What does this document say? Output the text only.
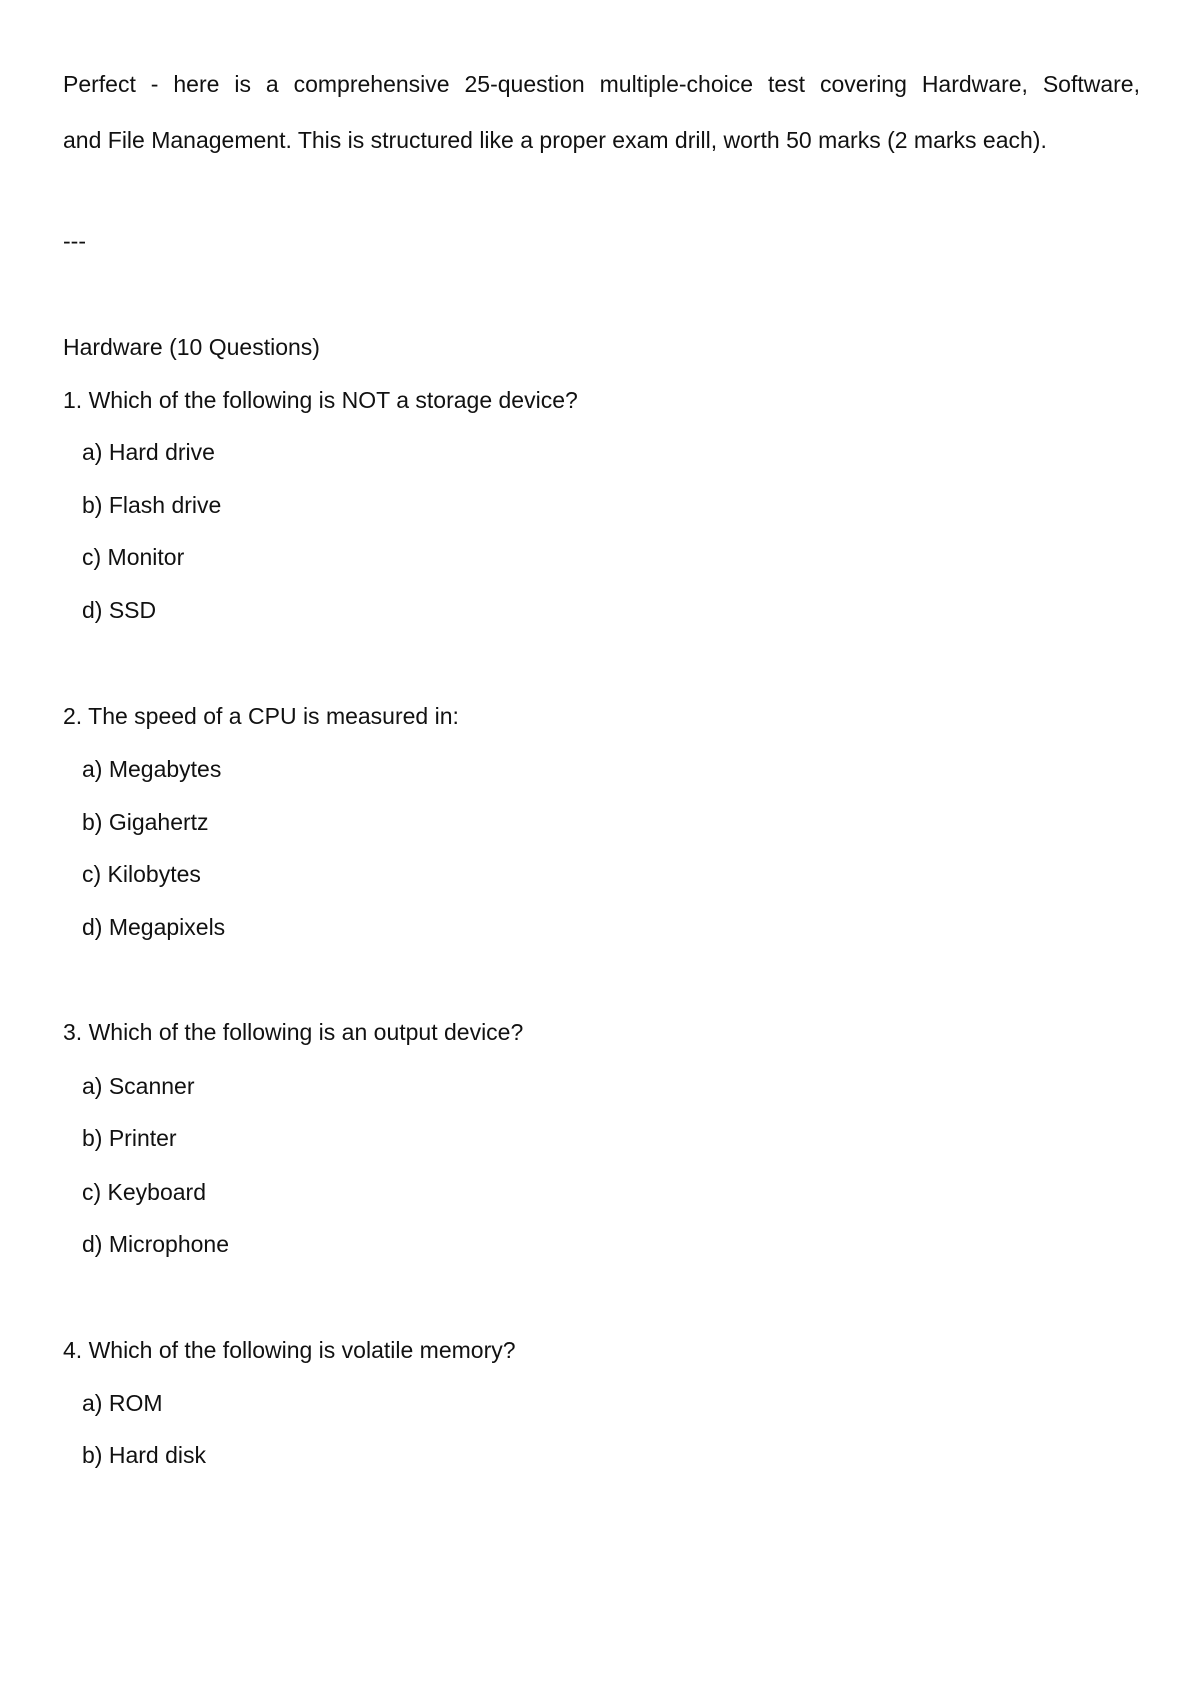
Perfect - here is a comprehensive 25-question multiple-choice test covering Hardware, Software,
and File Management. This is structured like a proper exam drill, worth 50 marks (2 marks each).
---
Hardware (10 Questions)
1. Which of the following is NOT a storage device?
a) Hard drive
b) Flash drive
c) Monitor
d) SSD
2. The speed of a CPU is measured in:
a) Megabytes
b) Gigahertz
c) Kilobytes
d) Megapixels
3. Which of the following is an output device?
a) Scanner
b) Printer
c) Keyboard
d) Microphone
4. Which of the following is volatile memory?
a) ROM
b) Hard disk
